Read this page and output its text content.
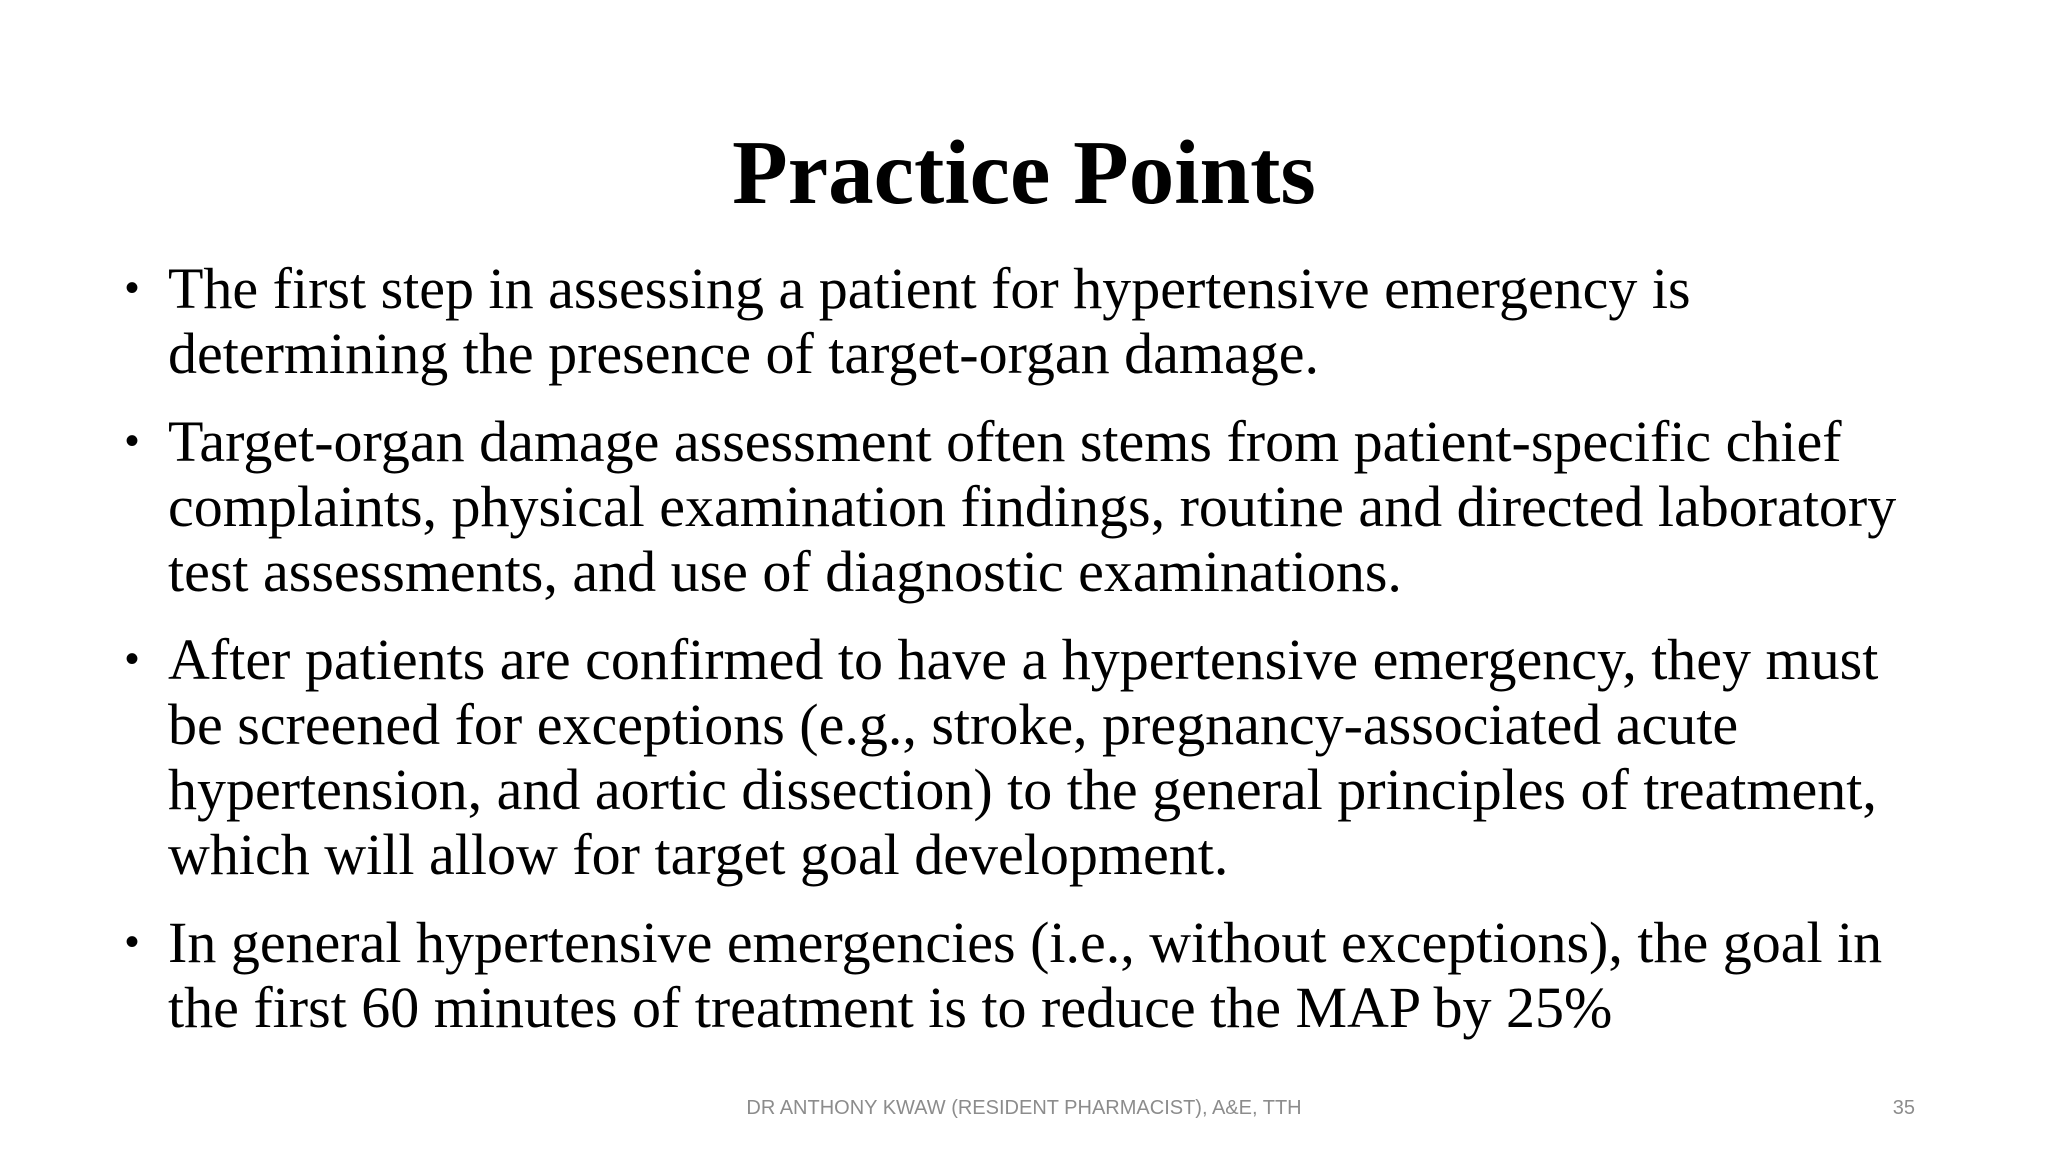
Practice Points
• The first step in assessing a patient for hypertensive emergency is determining the presence of target-organ damage.
• Target-organ damage assessment often stems from patient-specific chief complaints, physical examination findings, routine and directed laboratory test assessments, and use of diagnostic examinations.
• After patients are confirmed to have a hypertensive emergency, they must be screened for exceptions (e.g., stroke, pregnancy-associated acute hypertension, and aortic dissection) to the general principles of treatment, which will allow for target goal development.
• In general hypertensive emergencies (i.e., without exceptions), the goal in the first 60 minutes of treatment is to reduce the MAP by 25%
DR ANTHONY KWAW (RESIDENT PHARMACIST), A&E, TTH	35
